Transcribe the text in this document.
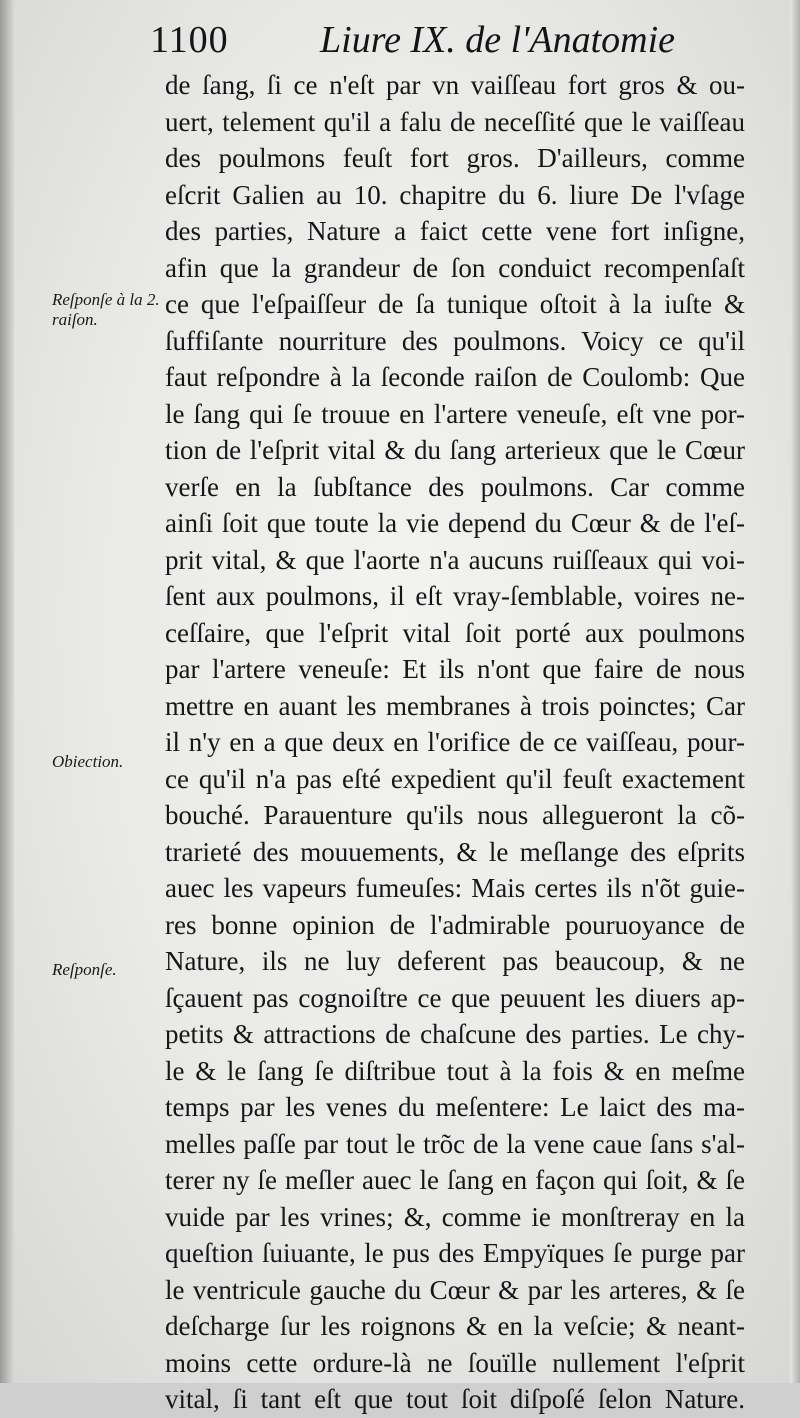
1100 Liure IX. de l'Anatomie
de ſang, ſi ce n'eſt par vn vaiſſeau fort gros & ou-
uert, telement qu'il a falu de neceſſité que le vaiſſeau
des poulmons feuſt fort gros. D'ailleurs, comme
eſcrit Galien au 10. chapitre du 6. liure De l'vſage
des parties, Nature a faict cette vene fort inſigne,
afin que la grandeur de ſon conduict recompenſaſt
ce que l'eſpaiſſeur de ſa tunique oſtoit à la iuſte &
ſuffiſante nourriture des poulmons. Voicy ce qu'il
faut reſpondre à la ſeconde raiſon de Coulomb: Que
le ſang qui ſe trouue en l'artere veneuſe, eſt vne por-
tion de l'eſprit vital & du ſang arterieux que le Cœur
verſe en la ſubſtance des poulmons. Car comme
ainſi ſoit que toute la vie depend du Cœur & de l'eſ-
prit vital, & que l'aorte n'a aucuns ruiſſeaux qui voi-
ſent aux poulmons, il eſt vray-ſemblable, voires ne-
ceſſaire, que l'eſprit vital ſoit porté aux poulmons
par l'artere veneuſe: Et ils n'ont que faire de nous
mettre en auant les membranes à trois poinctes; Car
il n'y en a que deux en l'orifice de ce vaiſſeau, pour-
ce qu'il n'a pas eſté expedient qu'il feuſt exactement
bouché. Parauenture qu'ils nous allegueront la cõ-
trarieté des mouuements, & le meſlange des eſprits
auec les vapeurs fumeuſes: Mais certes ils n'õt guie-
res bonne opinion de l'admirable pouruoyance de
Nature, ils ne luy deferent pas beaucoup, & ne
ſçauent pas cognoiſtre ce que peuuent les diuers ap-
petits & attractions de chaſcune des parties. Le chy-
le & le ſang ſe diſtribue tout à la fois & en meſme
temps par les venes du meſentere: Le laict des ma-
melles paſſe par tout le trõc de la vene caue ſans s'al-
terer ny ſe meſler auec le ſang en façon qui ſoit, & ſe
vuide par les vrines; &, comme ie monſtreray en la
queſtion ſuiuante, le pus des Empyïques ſe purge par
le ventricule gauche du Cœur & par les arteres, & ſe
deſcharge ſur les roignons & en la veſcie; & neant-
moins cette ordure-là ne ſouïlle nullement l'eſprit
vital, ſi tant eſt que tout ſoit diſpoſé ſelon Nature.
Reſponſe à la 2. raiſon.
Obiection.
Reſponſe.
